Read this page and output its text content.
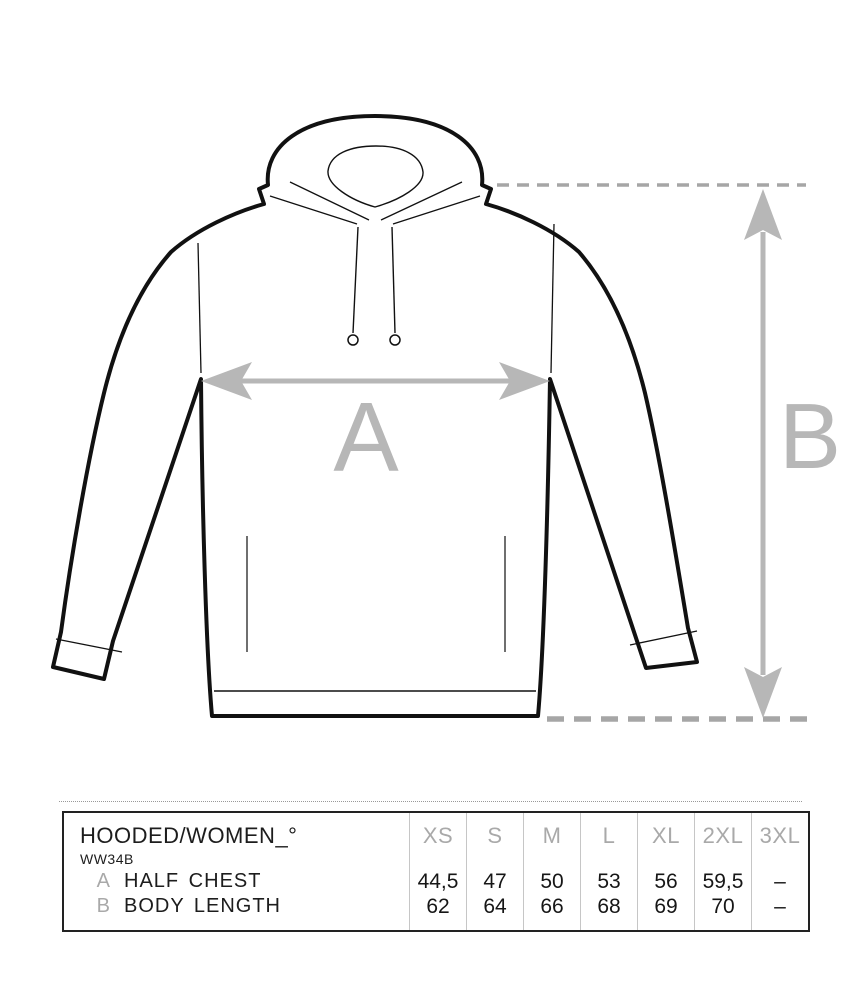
A	B
HOODED/WOMEN_°
WW34B
A HALF CHEST
B BODY LENGTH
XS
44,5
62
S
47
64
M
50
66
L
53
68
XL
56
69
2XL
59,5
70
3XL
–
–
